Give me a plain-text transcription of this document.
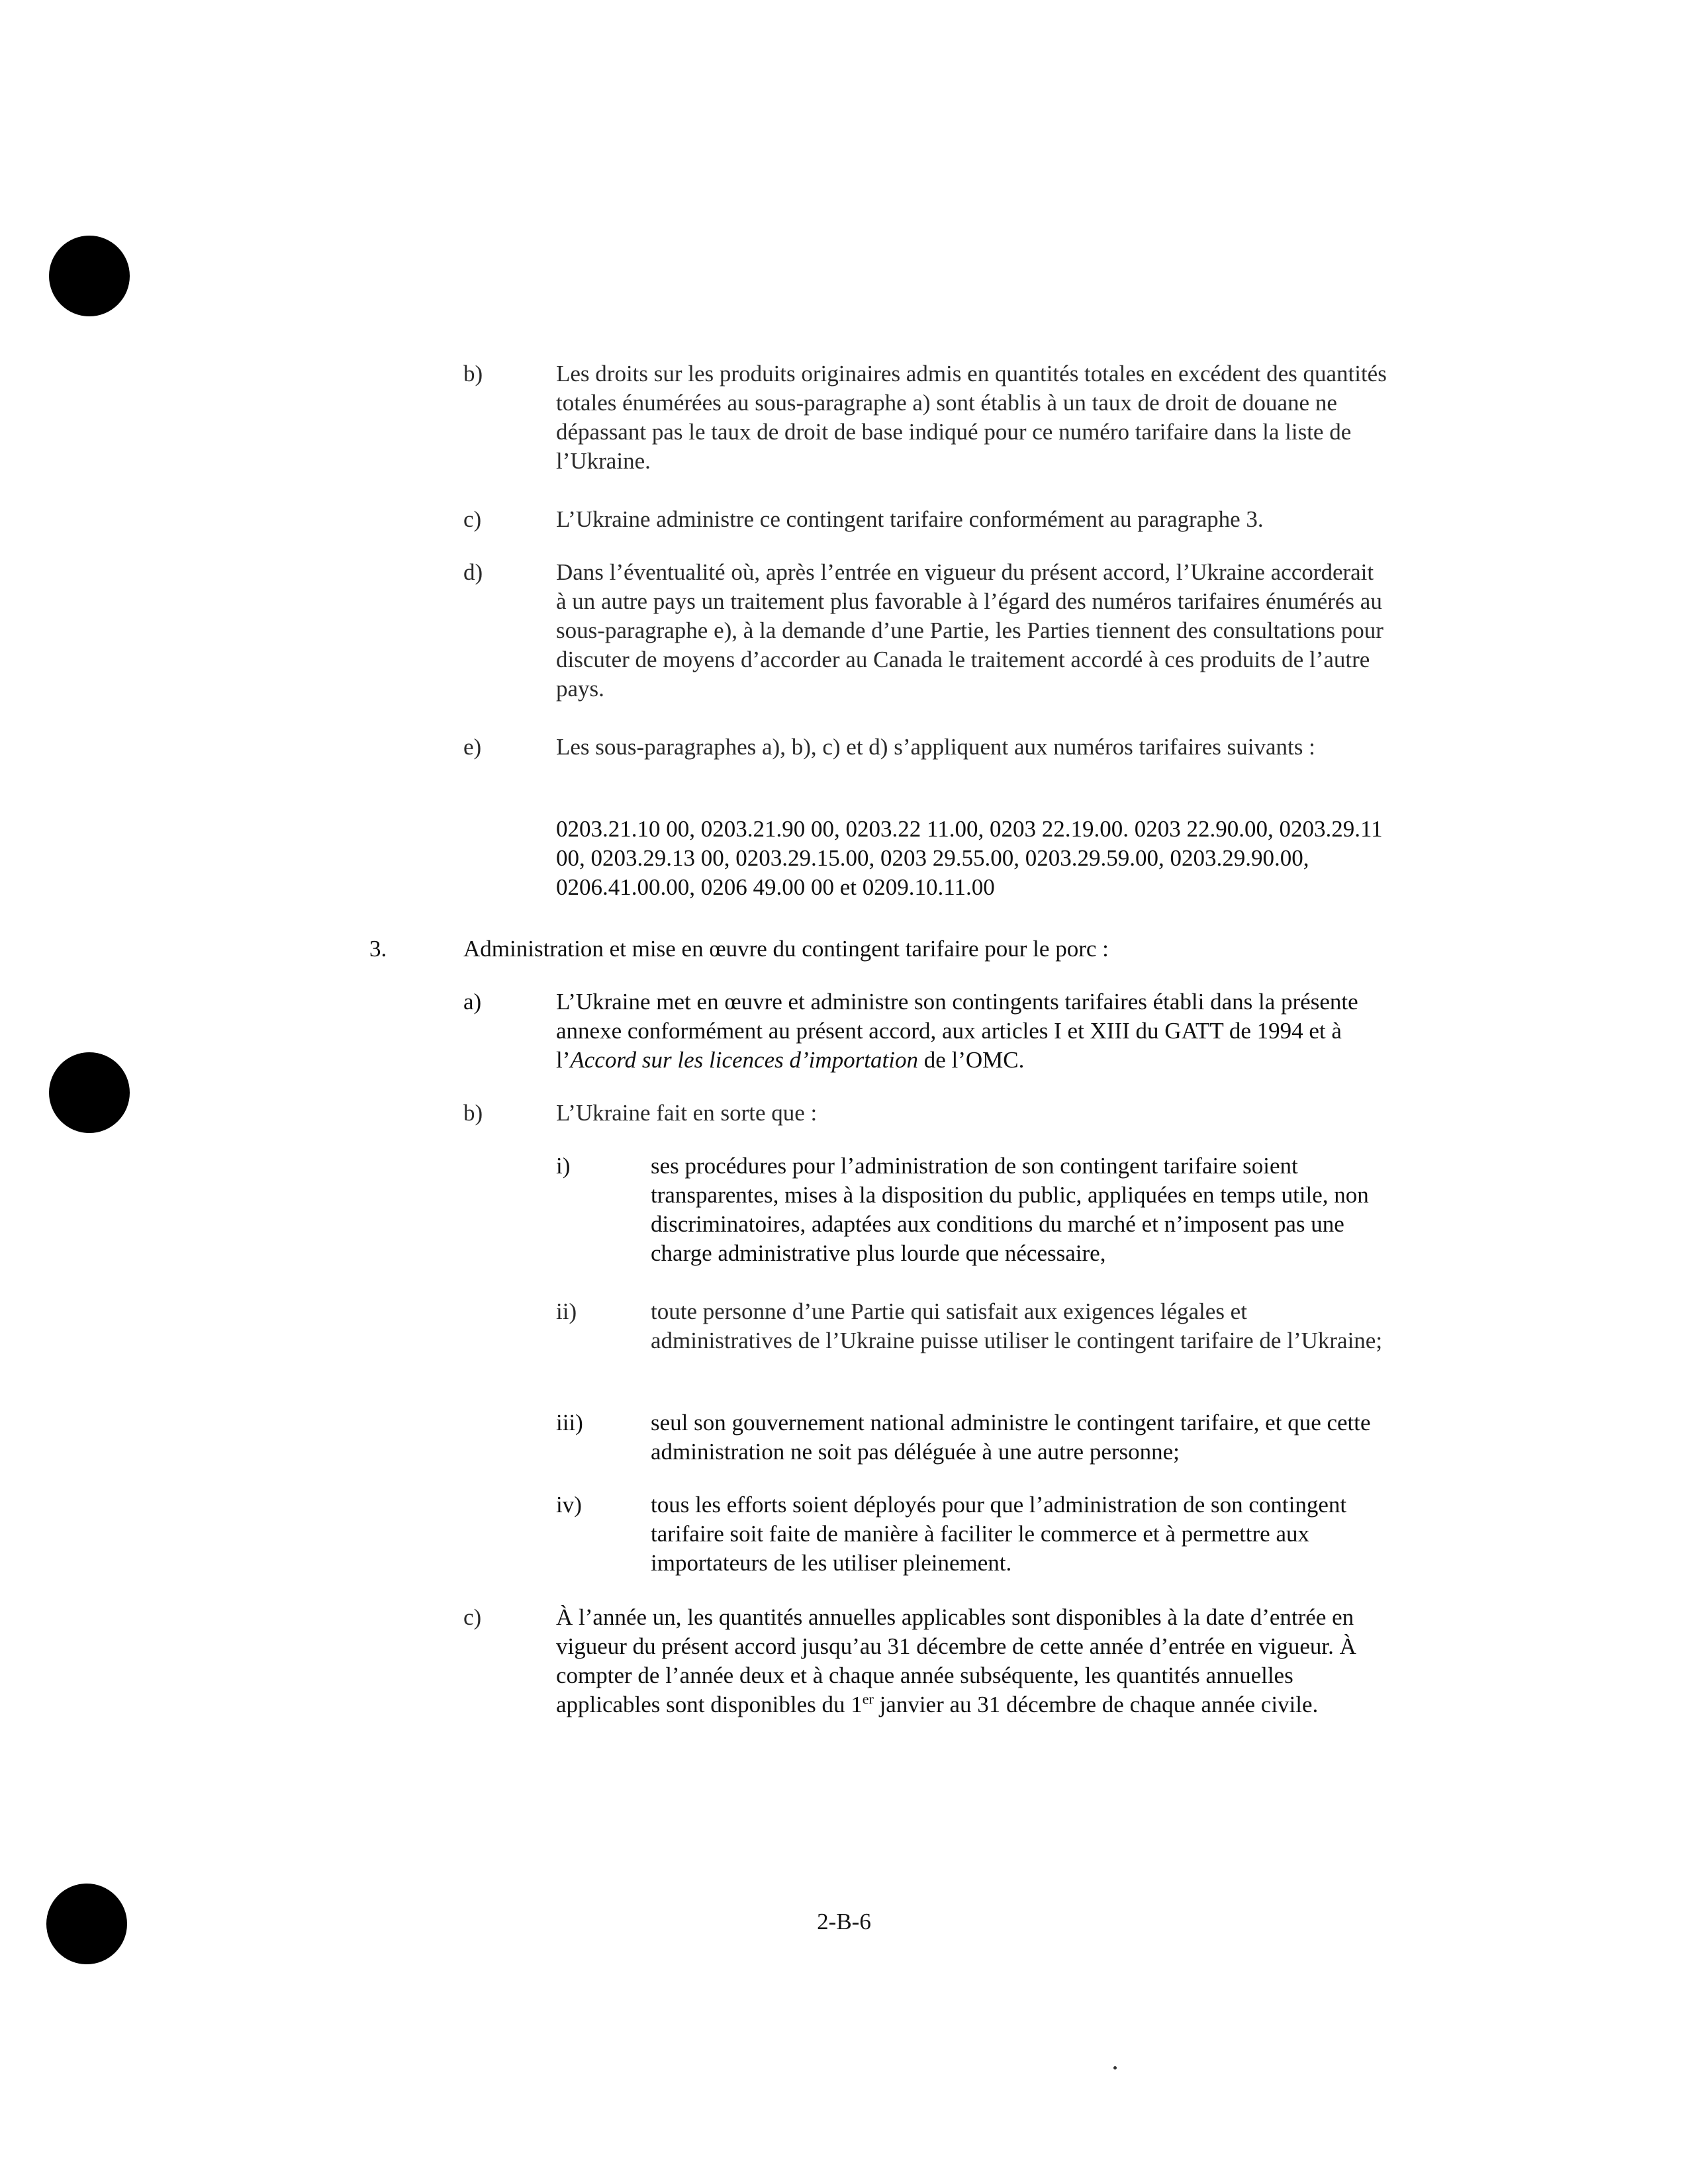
b)	Les droits sur les produits originaires admis en quantités totales en excédent des quantités totales énumérées au sous-paragraphe a) sont établis à un taux de droit de douane ne dépassant pas le taux de droit de base indiqué pour ce numéro tarifaire dans la liste de l’Ukraine.
c)	L’Ukraine administre ce contingent tarifaire conformément au paragraphe 3.
d)	Dans l’éventualité où, après l’entrée en vigueur du présent accord, l’Ukraine accorderait à un autre pays un traitement plus favorable à l’égard des numéros tarifaires énumérés au sous-paragraphe e), à la demande d’une Partie, les Parties tiennent des consultations pour discuter de moyens d’accorder au Canada le traitement accordé à ces produits de l’autre pays.
e)	Les sous-paragraphes a), b), c) et d) s’appliquent aux numéros tarifaires suivants :
0203.21.10 00, 0203.21.90 00, 0203.22 11.00, 0203 22.19.00. 0203 22.90.00, 0203.29.11 00, 0203.29.13 00, 0203.29.15.00, 0203 29.55.00, 0203.29.59.00, 0203.29.90.00, 0206.41.00.00, 0206 49.00 00 et 0209.10.11.00
3.	Administration et mise en œuvre du contingent tarifaire pour le porc :
a)	L’Ukraine met en œuvre et administre son contingents tarifaires établi dans la présente annexe conformément au présent accord, aux articles I et XIII du GATT de 1994 et à l’Accord sur les licences d’importation de l’OMC.
b)	L’Ukraine fait en sorte que :
i)	ses procédures pour l’administration de son contingent tarifaire soient transparentes, mises à la disposition du public, appliquées en temps utile, non discriminatoires, adaptées aux conditions du marché et n’imposent pas une charge administrative plus lourde que nécessaire,
ii)	toute personne d’une Partie qui satisfait aux exigences légales et administratives de l’Ukraine puisse utiliser le contingent tarifaire de l’Ukraine;
iii)	seul son gouvernement national administre le contingent tarifaire, et que cette administration ne soit pas déléguée à une autre personne;
iv)	tous les efforts soient déployés pour que l’administration de son contingent tarifaire soit faite de manière à faciliter le commerce et à permettre aux importateurs de les utiliser pleinement.
c)	À l’année un, les quantités annuelles applicables sont disponibles à la date d’entrée en vigueur du présent accord jusqu’au 31 décembre de cette année d’entrée en vigueur. À compter de l’année deux et à chaque année subséquente, les quantités annuelles applicables sont disponibles du 1er janvier au 31 décembre de chaque année civile.
2-B-6
